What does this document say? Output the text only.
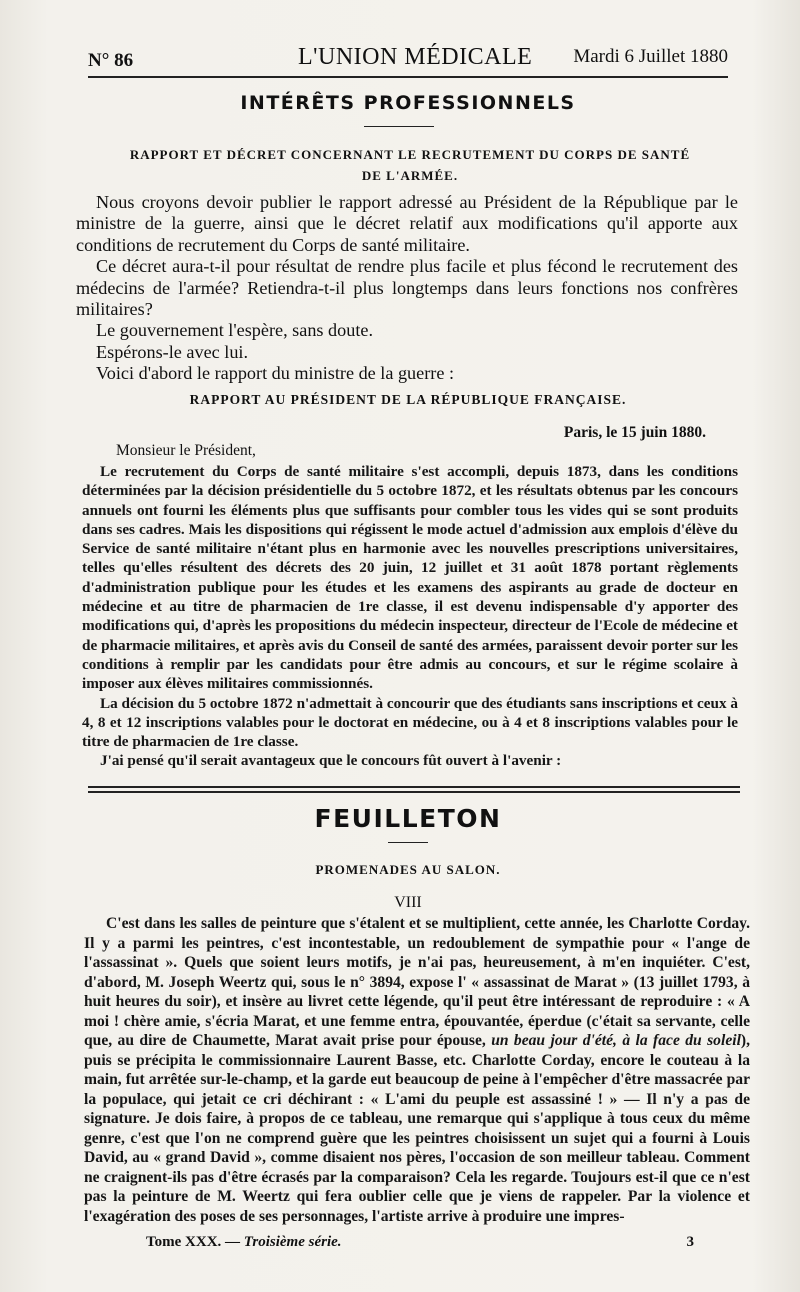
N° 86	L'UNION MÉDICALE Mardi 6 Juillet 1880
INTÉRÊTS PROFESSIONNELS
RAPPORT ET DÉCRET CONCERNANT LE RECRUTEMENT DU CORPS DE SANTÉ
DE L'ARMÉE.

Nous croyons devoir publier le rapport adressé au Président de la République par le ministre de la guerre, ainsi que le décret relatif aux modifications qu'il apporte aux conditions de recrutement du Corps de santé militaire.

Ce décret aura-t-il pour résultat de rendre plus facile et plus fécond le recrutement des médecins de l'armée? Retiendra-t-il plus longtemps dans leurs fonctions nos confrères militaires?

Le gouvernement l'espère, sans doute.

Espérons-le avec lui.

Voici d'abord le rapport du ministre de la guerre :

RAPPORT AU PRÉSIDENT DE LA RÉPUBLIQUE FRANÇAISE.
Paris, le 15 juin 1880.
Monsieur le Président,

Le recrutement du Corps de santé militaire s'est accompli, depuis 1873, dans les conditions déterminées par la décision présidentielle du 5 octobre 1872, et les résultats obtenus par les concours annuels ont fourni les éléments plus que suffisants pour combler tous les vides qui se sont produits dans ses cadres. Mais les dispositions qui régissent le mode actuel d'admission aux emplois d'élève du Service de santé militaire n'étant plus en harmonie avec les nouvelles prescriptions universitaires, telles qu'elles résultent des décrets des 20 juin, 12 juillet et 31 août 1878 portant règlements d'administration publique pour les études et les examens des aspirants au grade de docteur en médecine et au titre de pharmacien de 1re classe, il est devenu indispensable d'y apporter des modifications qui, d'après les propositions du médecin inspecteur, directeur de l'Ecole de médecine et de pharmacie militaires, et après avis du Conseil de santé des armées, paraissent devoir porter sur les conditions à remplir par les candidats pour être admis au concours, et sur le régime scolaire à imposer aux élèves militaires commissionnés.

La décision du 5 octobre 1872 n'admettait à concourir que des étudiants sans inscriptions et ceux à 4, 8 et 12 inscriptions valables pour le doctorat en médecine, ou à 4 et 8 inscriptions valables pour le titre de pharmacien de 1re classe.

J'ai pensé qu'il serait avantageux que le concours fût ouvert à l'avenir :

FEUILLETON
PROMENADES AU SALON.
VIII

C'est dans les salles de peinture que s'étalent et se multiplient, cette année, les Charlotte Corday. Il y a parmi les peintres, c'est incontestable, un redoublement de sympathie pour « l'ange de l'assassinat ». Quels que soient leurs motifs, je n'ai pas, heureusement, à m'en inquiéter. C'est, d'abord, M. Joseph Weertz qui, sous le n° 3894, expose l' « assassinat de Marat » (13 juillet 1793, à huit heures du soir), et insère au livret cette légende, qu'il peut être intéressant de reproduire : « A moi ! chère amie, s'écria Marat, et une femme entra, épouvantée, éperdue (c'était sa servante, celle que, au dire de Chaumette, Marat avait prise pour épouse, un beau jour d'été, à la face du soleil), puis se précipita le commissionnaire Laurent Basse, etc. Charlotte Corday, encore le couteau à la main, fut arrêtée sur-le-champ, et la garde eut beaucoup de peine à l'empêcher d'être massacrée par la populace, qui jetait ce cri déchirant : « L'ami du peuple est assassiné ! » — Il n'y a pas de signature. Je dois faire, à propos de ce tableau, une remarque qui s'applique à tous ceux du même genre, c'est que l'on ne comprend guère que les peintres choisissent un sujet qui a fourni à Louis David, au « grand David », comme disaient nos pères, l'occasion de son meilleur tableau. Comment ne craignent-ils pas d'être écrasés par la comparaison? Cela les regarde. Toujours est-il que ce n'est pas la peinture de M. Weertz qui fera oublier celle que je viens de rappeler. Par la violence et l'exagération des poses de ses personnages, l'artiste arrive à produire une impres-

Tome XXX. — Troisième série.	3
